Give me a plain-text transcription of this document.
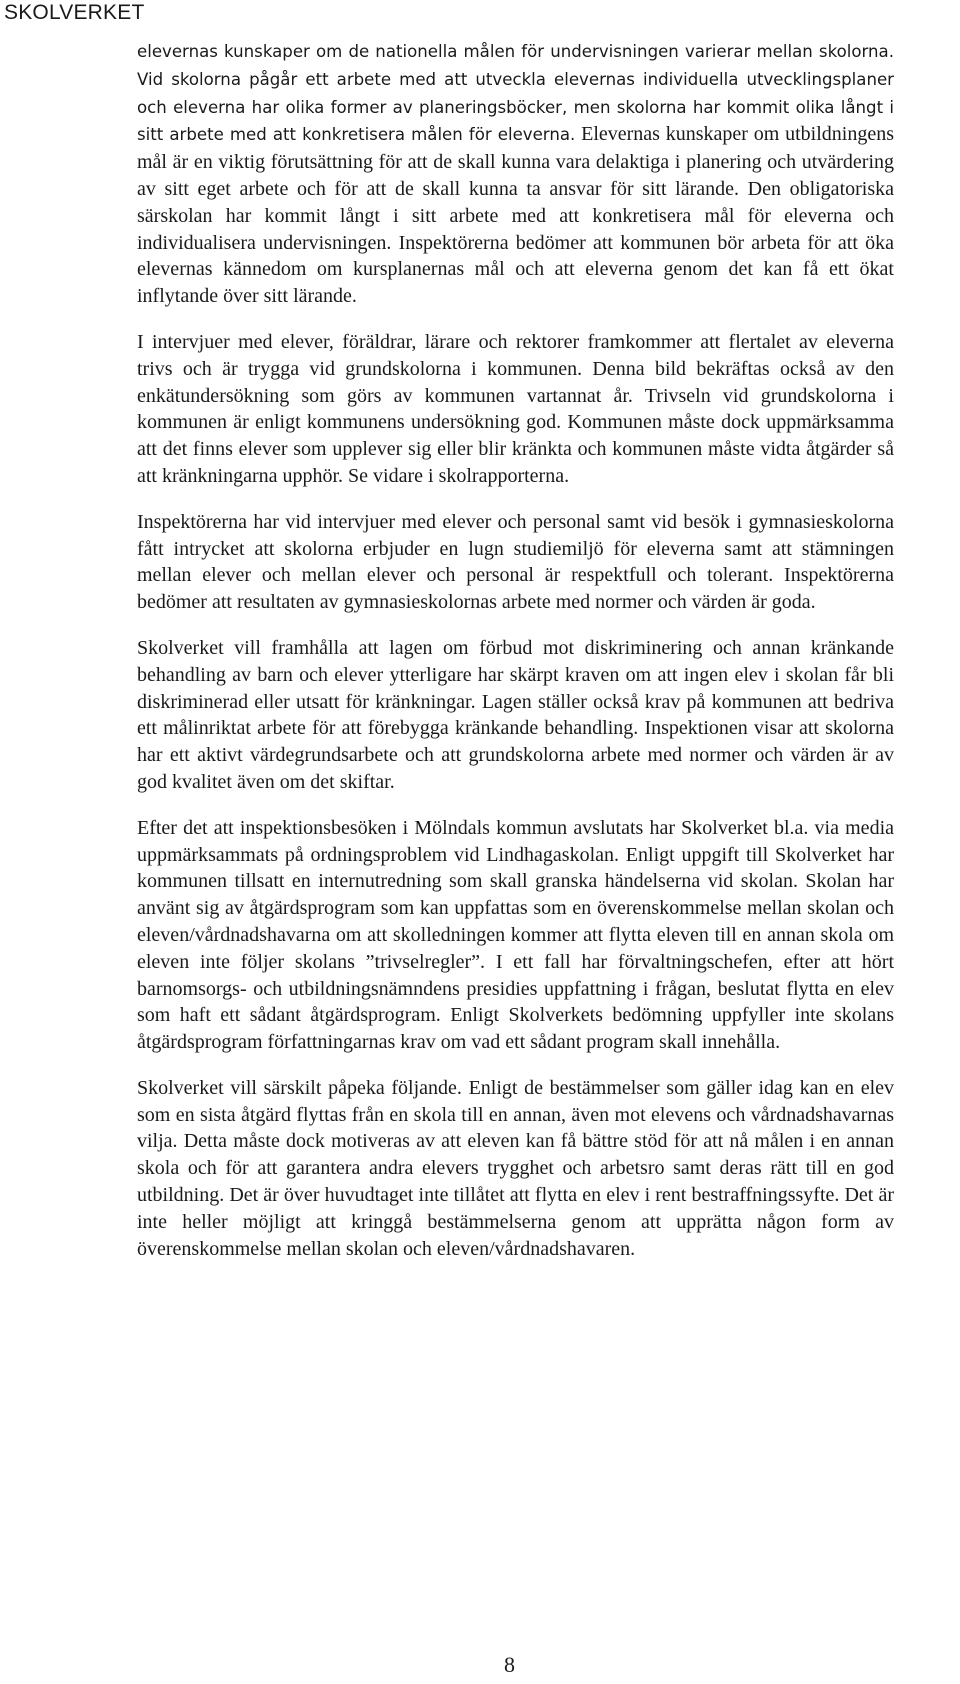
SKOLVERKET

elevernas kunskaper om de nationella målen för undervisningen varierar mellan skolorna. Vid skolorna pågår ett arbete med att utveckla elevernas individuella utvecklingsplaner och eleverna har olika former av planeringsböcker, men skolorna har kommit olika långt i sitt arbete med att konkretisera målen för eleverna. Elevernas kunskaper om utbildningens mål är en viktig förutsättning för att de skall kunna vara delaktiga i planering och utvärdering av sitt eget arbete och för att de skall kunna ta ansvar för sitt lärande. Den obligatoriska särskolan har kommit långt i sitt arbete med att konkretisera mål för eleverna och individualisera undervisningen. Inspektörerna bedömer att kommunen bör arbeta för att öka elevernas kännedom om kursplanernas mål och att eleverna genom det kan få ett ökat inflytande över sitt lärande.

I intervjuer med elever, föräldrar, lärare och rektorer framkommer att flertalet av eleverna trivs och är trygga vid grundskolorna i kommunen. Denna bild bekräftas också av den enkätundersökning som görs av kommunen vartannat år. Trivseln vid grundskolorna i kommunen är enligt kommunens undersökning god. Kommunen måste dock uppmärksamma att det finns elever som upplever sig eller blir kränkta och kommunen måste vidta åtgärder så att kränkningarna upphör. Se vidare i skolrapporterna.

Inspektörerna har vid intervjuer med elever och personal samt vid besök i gymnasieskolorna fått intrycket att skolorna erbjuder en lugn studiemiljö för eleverna samt att stämningen mellan elever och mellan elever och personal är respektfull och tolerant. Inspektörerna bedömer att resultaten av gymnasieskolornas arbete med normer och värden är goda.

Skolverket vill framhålla att lagen om förbud mot diskriminering och annan kränkande behandling av barn och elever ytterligare har skärpt kraven om att ingen elev i skolan får bli diskriminerad eller utsatt för kränkningar. Lagen ställer också krav på kommunen att bedriva ett målinriktat arbete för att förebygga kränkande behandling. Inspektionen visar att skolorna har ett aktivt värdegrundsarbete och att grundskolorna arbete med normer och värden är av god kvalitet även om det skiftar.

Efter det att inspektionsbesöken i Mölndals kommun avslutats har Skolverket bl.a. via media uppmärksammats på ordningsproblem vid Lindhagaskolan. Enligt uppgift till Skolverket har kommunen tillsatt en internutredning som skall granska händelserna vid skolan. Skolan har använt sig av åtgärdsprogram som kan uppfattas som en överenskommelse mellan skolan och eleven/vårdnadshavarna om att skolledningen kommer att flytta eleven till en annan skola om eleven inte följer skolans ”trivselregler”. I ett fall har förvaltningschefen, efter att hört barnomsorgs- och utbildningsnämndens presidies uppfattning i frågan, beslutat flytta en elev som haft ett sådant åtgärdsprogram. Enligt Skolverkets bedömning uppfyller inte skolans åtgärdsprogram författningarnas krav om vad ett sådant program skall innehålla.

Skolverket vill särskilt påpeka följande. Enligt de bestämmelser som gäller idag kan en elev som en sista åtgärd flyttas från en skola till en annan, även mot elevens och vårdnadshavarnas vilja. Detta måste dock motiveras av att eleven kan få bättre stöd för att nå målen i en annan skola och för att garantera andra elevers trygghet och arbetsro samt deras rätt till en god utbildning. Det är över huvudtaget inte tillåtet att flytta en elev i rent bestraffningssyfte. Det är inte heller möjligt att kringgå bestämmelserna genom att upprätta någon form av överenskommelse mellan skolan och eleven/vårdnadshavaren.

8
